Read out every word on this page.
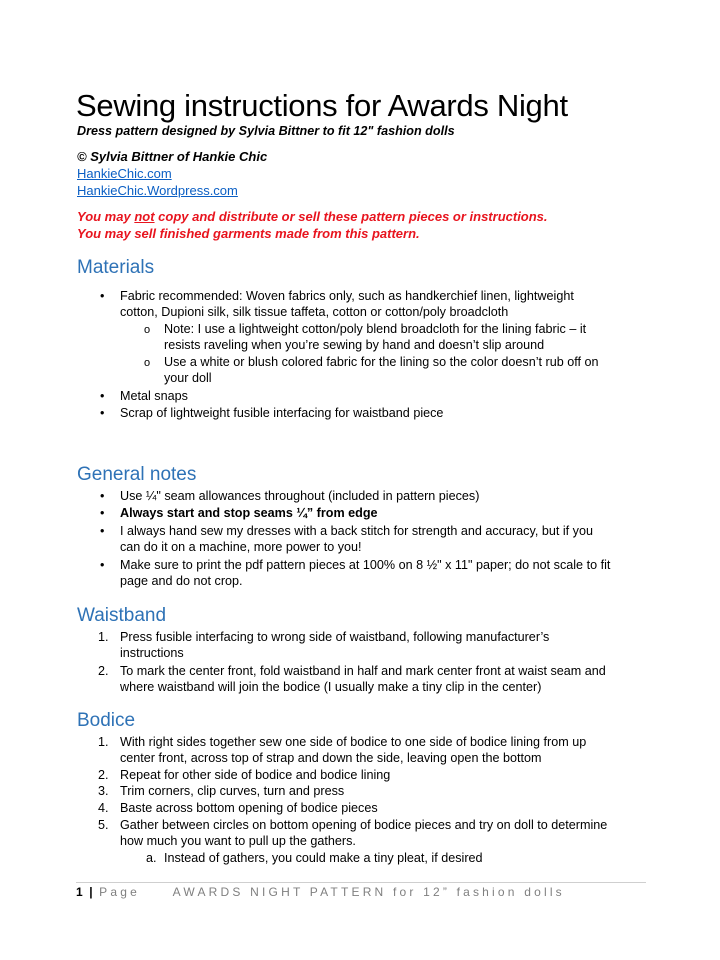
Sewing instructions for Awards Night
Dress pattern designed by Sylvia Bittner to fit 12" fashion dolls
© Sylvia Bittner of Hankie Chic
HankieChic.com
HankieChic.Wordpress.com
You may not copy and distribute or sell these pattern pieces or instructions.
You may sell finished garments made from this pattern.
Materials
• Fabric recommended: Woven fabrics only, such as handkerchief linen, lightweight
cotton, Dupioni silk, silk tissue taffeta, cotton or cotton/poly broadcloth
o Note: I use a lightweight cotton/poly blend broadcloth for the lining fabric – it
resists raveling when you’re sewing by hand and doesn’t slip around
o Use a white or blush colored fabric for the lining so the color doesn’t rub off on
your doll
• Metal snaps
• Scrap of lightweight fusible interfacing for waistband piece
General notes
• Use ¼" seam allowances throughout (included in pattern pieces)
• Always start and stop seams ¼” from edge
• I always hand sew my dresses with a back stitch for strength and accuracy, but if you
can do it on a machine, more power to you!
• Make sure to print the pdf pattern pieces at 100% on 8 ½" x 11" paper; do not scale to fit
page and do not crop.
Waistband
1. Press fusible interfacing to wrong side of waistband, following manufacturer’s
instructions
2. To mark the center front, fold waistband in half and mark center front at waist seam and
where waistband will join the bodice (I usually make a tiny clip in the center)
Bodice
1. With right sides together sew one side of bodice to one side of bodice lining from up
center front, across top of strap and down the side, leaving open the bottom
2. Repeat for other side of bodice and bodice lining
3. Trim corners, clip curves, turn and press
4. Baste across bottom opening of bodice pieces
5. Gather between circles on bottom opening of bodice pieces and try on doll to determine
how much you want to pull up the gathers.
a. Instead of gathers, you could make a tiny pleat, if desired
1 | Page	AWARDS NIGHT PATTERN for 12” fashion dolls
